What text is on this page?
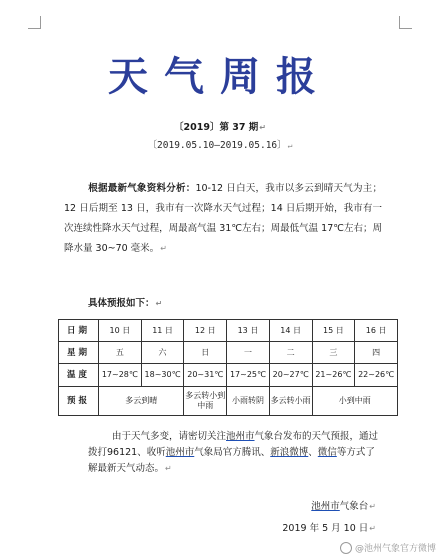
天气周报
〔2019〕第 37 期↵
〔2019.05.10—2019.05.16〕↵
根据最新气象资料分析：10-12 日白天，我市以多云到晴天气为主；12 日后期至 13 日，我市有一次降水天气过程；14 日后期开始，我市有一次连续性降水天气过程，周最高气温 31℃左右；周最低气温 17℃左右；周降水量 30~70 毫米。↵
具体预报如下：↵
日期	10 日	11 日	12 日	13 日	14 日	15 日	16 日
星期	五	六	日	一	二	三	四
温度	17~28℃	18~30℃	20~31℃	17~25℃	20~27℃	21~26℃	22~26℃
预报	多云到晴		多云转小到中雨	小雨转阴	多云转小雨	小到中雨	
由于天气多变，请密切关注池州市气象台发布的天气预报，通过拨打96121、收听池州市气象局官方腾讯、新浪微博、微信等方式了解最新天气动态。↵
池州市气象台↵
2019 年 5 月 10 日↵
@池州气象官方微博
